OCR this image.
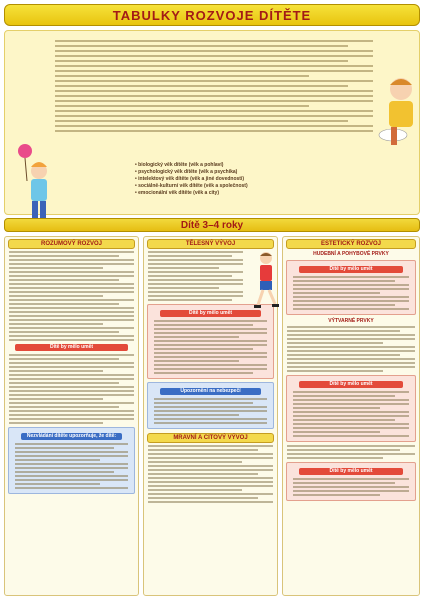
TABULKY ROZVOJE DÍTĚTE
• biologický věk dítěte (věk a pohlaví)
• psychologický věk dítěte (věk a psychika)
• intelektový věk dítěte (věk a jiné dovednosti)
• sociálně-kulturní věk dítěte (věk a společnost)
• emocionální věk dítěte (věk a city)
Dítě 3–4 roky
ROZUMOVÝ ROZVOJ
Dítě by mělo umět
Nezvládání dítěte upozorňuje, že dítě:
TĚLESNÝ VÝVOJ
Dítě by mělo umět
Upozornění na nebezpečí
MRAVNÍ A CITOVÝ VÝVOJ
ESTETICKÝ ROZVOJ
HUDEBNÍ A POHYBOVÉ PRVKY
Dítě by mělo umět
VÝTVARNÉ PRVKY
Dítě by mělo umět
Dítě by mělo umět
